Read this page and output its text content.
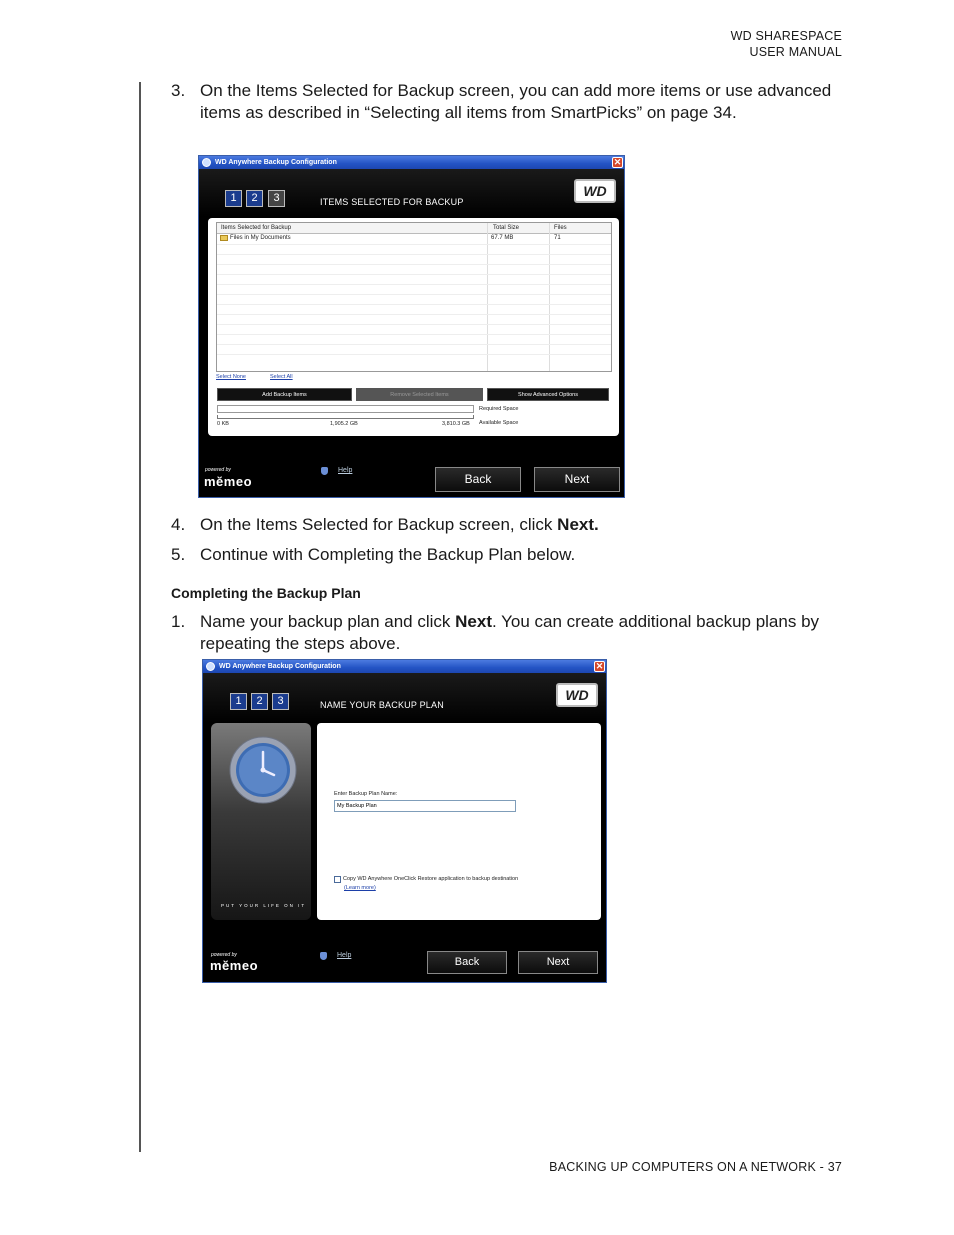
WD SHARESPACE
USER MANUAL
3. On the Items Selected for Backup screen, you can add more items or use advanced items as described in “Selecting all items from SmartPicks” on page 34.
WD Anywhere Backup Configuration	✕
1	2	3	ITEMS SELECTED FOR BACKUP
WD
Items Selected for Backup	Total Size	Files
Files in My Documents	67.7 MB	71
Select None	Select All
Add Backup Items	Remove Selected Items	Show Advanced Options
Required Space
0 KB	1,905.2 GB	3,810.3 GB Available Space
powered by
mĕmeo
Help
Back	Next
4. On the Items Selected for Backup screen, click Next.
5. Continue with Completing the Backup Plan below.
Completing the Backup Plan
1. Name your backup plan and click Next. You can create additional backup plans by repeating the steps above.
WD Anywhere Backup Configuration	✕
1	2	3	NAME YOUR BACKUP PLAN
WD
PUT YOUR LIFE ON IT
Enter Backup Plan Name:
My Backup Plan
Copy WD Anywhere OneClick Restore application to backup destination
(Learn more)
powered by
mĕmeo
Help
Back	Next
BACKING UP COMPUTERS ON A NETWORK - 37
